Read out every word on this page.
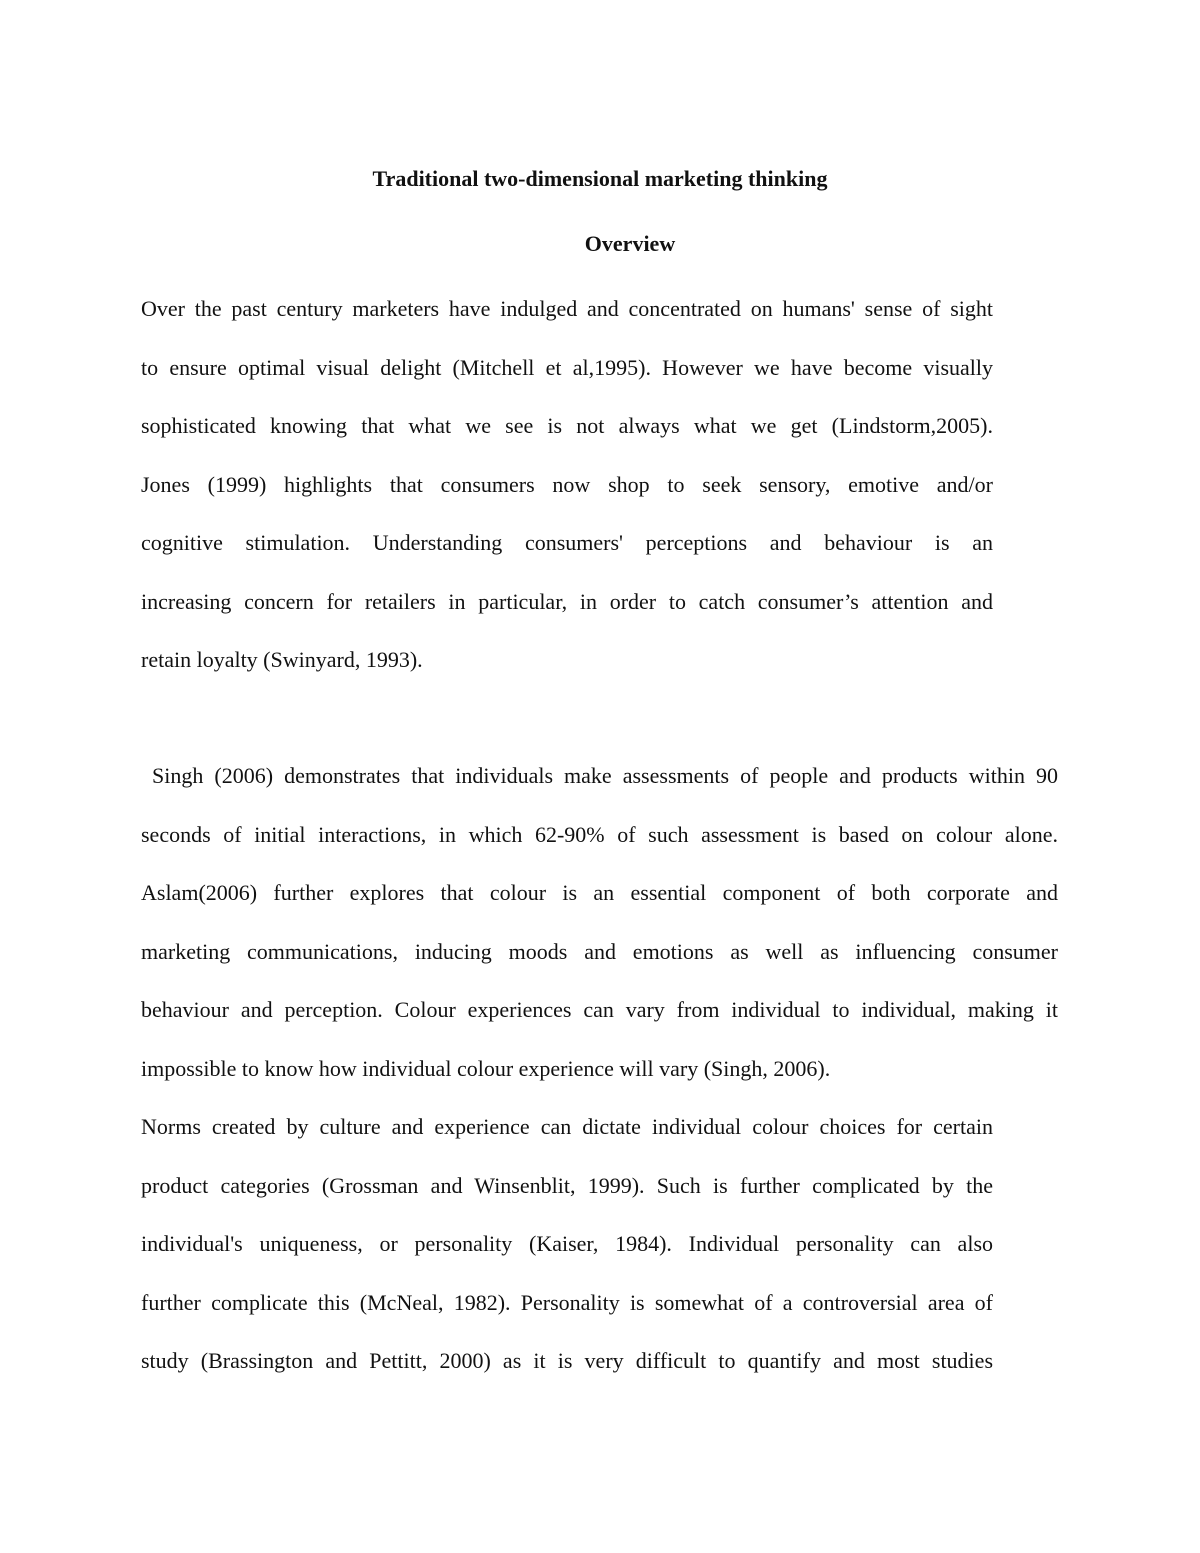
Traditional two-dimensional marketing thinking
Overview

Over the past century marketers have indulged and concentrated on humans' sense of sight
to ensure optimal visual delight (Mitchell et al,1995). However we have become visually
sophisticated knowing that what we see is not always what we get (Lindstorm,2005).
Jones (1999) highlights that consumers now shop to seek sensory, emotive and/or
cognitive stimulation. Understanding consumers' perceptions and behaviour is an
increasing concern for retailers in particular, in order to catch consumer’s attention and
retain loyalty (Swinyard, 1993).

Singh (2006) demonstrates that individuals make assessments of people and products within 90
seconds of initial interactions, in which 62-90% of such assessment is based on colour alone.
Aslam(2006) further explores that colour is an essential component of both corporate and
marketing communications, inducing moods and emotions as well as influencing consumer
behaviour and perception. Colour experiences can vary from individual to individual, making it
impossible to know how individual colour experience will vary (Singh, 2006).

Norms created by culture and experience can dictate individual colour choices for certain
product categories (Grossman and Winsenblit, 1999). Such is further complicated by the
individual's uniqueness, or personality (Kaiser, 1984). Individual personality can also
further complicate this (McNeal, 1982). Personality is somewhat of a controversial area of
study (Brassington and Pettitt, 2000) as it is very difficult to quantify and most studies
